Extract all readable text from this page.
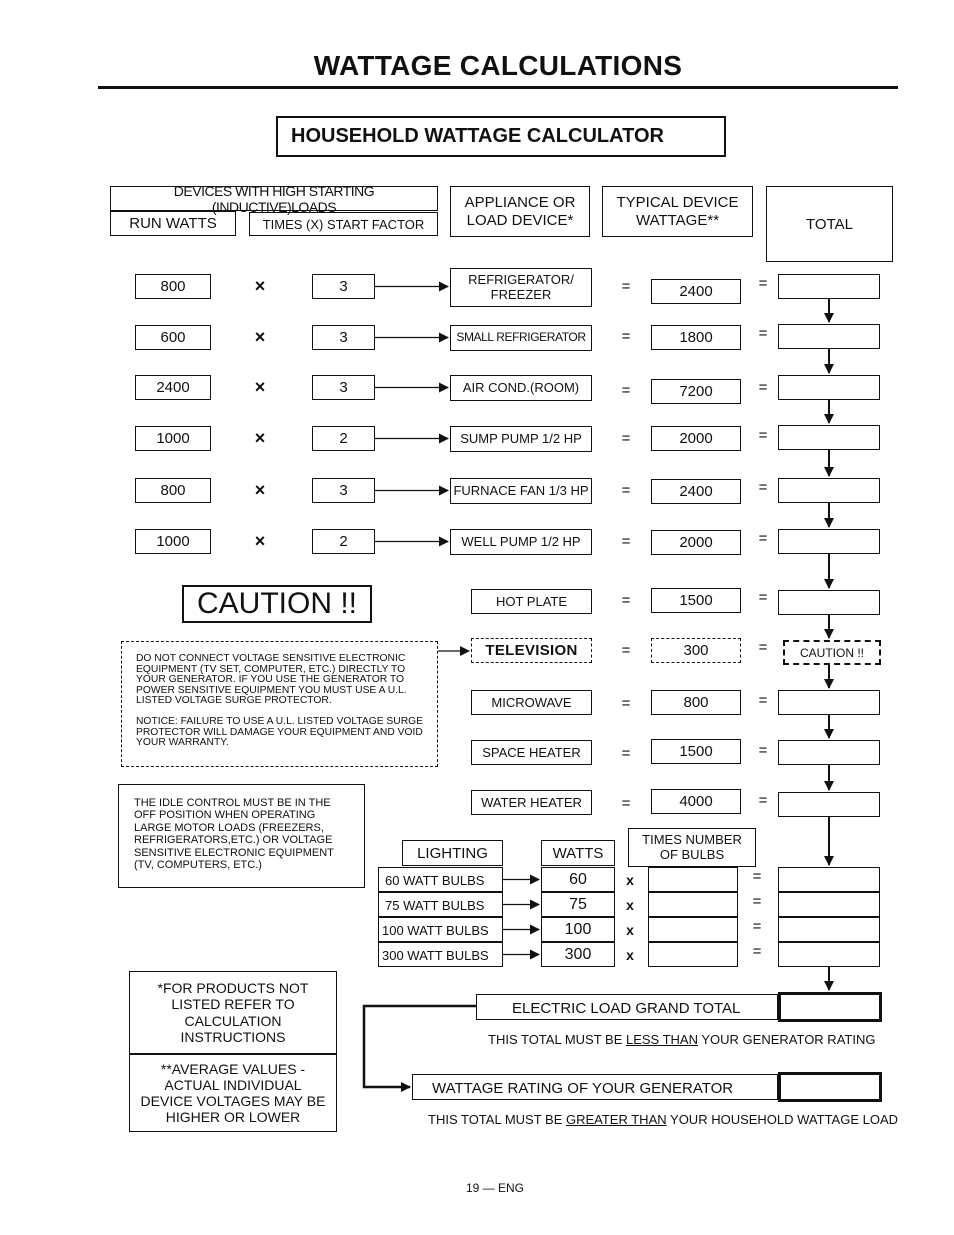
WATTAGE CALCULATIONS
HOUSEHOLD WATTAGE CALCULATOR
DEVICES WITH HIGH STARTING (INDUCTIVE)LOADS
RUN WATTS	TIMES (X) START FACTOR
APPLIANCE OR LOAD DEVICE*
TYPICAL DEVICE WATTAGE**	TOTAL
800	×	3	REFRIGERATOR/ FREEZER	=	2400	=
600	×	3	SMALL REFRIGERATOR	=	1800	=
2400	×	3	AIR COND.(ROOM)	=	7200	=
1000	×	2	SUMP PUMP 1/2 HP	=	2000	=
800	×	3	FURNACE FAN 1/3 HP	=	2400	=
1000	×	2	WELL PUMP 1/2 HP	=	2000	=
HOT PLATE	=	1500	=
TELEVISION	=	300	=	CAUTION !!
MICROWAVE	=	800	=
SPACE HEATER	=	1500	=
WATER HEATER	=	4000	=
CAUTION !!
DO NOT CONNECT VOLTAGE SENSITIVE ELECTRONIC EQUIPMENT (TV SET, COMPUTER, ETC.) DIRECTLY TO YOUR GENERATOR. IF YOU USE THE GENERATOR TO POWER SENSITIVE EQUIPMENT YOU MUST USE A U.L. LISTED VOLTAGE SURGE PROTECTOR.
NOTICE: FAILURE TO USE A U.L. LISTED VOLTAGE SURGE PROTECTOR WILL DAMAGE YOUR EQUIPMENT AND VOID YOUR WARRANTY.
THE IDLE CONTROL MUST BE IN THE OFF POSITION WHEN OPERATING LARGE MOTOR LOADS (FREEZERS, REFRIGERATORS,ETC.) OR VOLTAGE SENSITIVE ELECTRONIC EQUIPMENT (TV, COMPUTERS, ETC.)
LIGHTING	WATTS
TIMES NUMBER OF BULBS
60 WATT BULBS	60	x	=
75 WATT BULBS	75	x	=
100 WATT BULBS	100	x	=
300 WATT BULBS	300	x	=
*FOR PRODUCTS NOT LISTED REFER TO CALCULATION INSTRUCTIONS
**AVERAGE VALUES - ACTUAL INDIVIDUAL DEVICE VOLTAGES MAY BE HIGHER OR LOWER
ELECTRIC LOAD GRAND TOTAL
THIS TOTAL MUST BE LESS THAN YOUR GENERATOR RATING
WATTAGE RATING OF YOUR GENERATOR
THIS TOTAL MUST BE GREATER THAN YOUR HOUSEHOLD WATTAGE LOAD
19 — ENG
